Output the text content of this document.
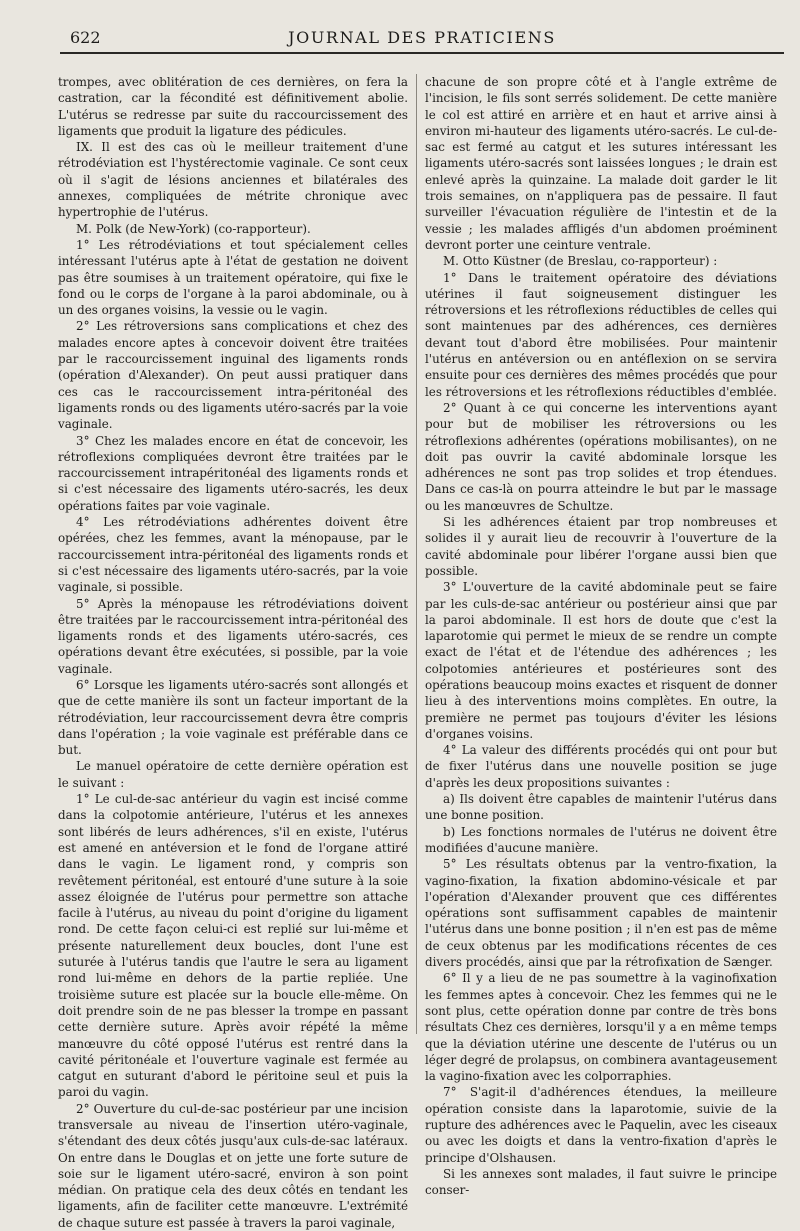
622	JOURNAL DES PRATICIENS

trompes, avec oblitération de ces dernières, on fera la castration, car la fécondité est définitivement abolie. L'utérus se redresse par suite du raccourcissement des ligaments que produit la ligature des pédicules.

IX. Il est des cas où le meilleur traitement d'une rétrodéviation est l'hystérectomie vaginale. Ce sont ceux où il s'agit de lésions anciennes et bilatérales des annexes, compliquées de métrite chronique avec hypertrophie de l'utérus.

M. Polk (de New-York) (co-rapporteur).

1° Les rétrodéviations et tout spécialement celles intéressant l'utérus apte à l'état de gestation ne doivent pas être soumises à un traitement opératoire, qui fixe le fond ou le corps de l'organe à la paroi abdominale, ou à un des organes voisins, la vessie ou le vagin.

2° Les rétroversions sans complications et chez des malades encore aptes à concevoir doivent être traitées par le raccourcissement inguinal des ligaments ronds (opération d'Alexander). On peut aussi pratiquer dans ces cas le raccourcissement intra-péritonéal des ligaments ronds ou des ligaments utéro-sacrés par la voie vaginale.

3° Chez les malades encore en état de concevoir, les rétroflexions compliquées devront être traitées par le raccourcissement intrapéritonéal des ligaments ronds et si c'est nécessaire des ligaments utéro-sacrés, les deux opérations faites par voie vaginale.

4° Les rétrodéviations adhérentes doivent être opérées, chez les femmes, avant la ménopause, par le raccourcissement intra-péritonéal des ligaments ronds et si c'est nécessaire des ligaments utéro-sacrés, par la voie vaginale, si possible.

5° Après la ménopause les rétrodéviations doivent être traitées par le raccourcissement intra-péritonéal des ligaments ronds et des ligaments utéro-sacrés, ces opérations devant être exécutées, si possible, par la voie vaginale.

6° Lorsque les ligaments utéro-sacrés sont allongés et que de cette manière ils sont un facteur important de la rétrodéviation, leur raccourcissement devra être compris dans l'opération ; la voie vaginale est préférable dans ce but.

Le manuel opératoire de cette dernière opération est le suivant :

1° Le cul-de-sac antérieur du vagin est incisé comme dans la colpotomie antérieure, l'utérus et les annexes sont libérés de leurs adhérences, s'il en existe, l'utérus est amené en antéversion et le fond de l'organe attiré dans le vagin. Le ligament rond, y compris son revêtement péritonéal, est entouré d'une suture à la soie assez éloignée de l'utérus pour permettre son attache facile à l'utérus, au niveau du point d'origine du ligament rond. De cette façon celui-ci est replié sur lui-même et présente naturellement deux boucles, dont l'une est suturée à l'utérus tandis que l'autre le sera au ligament rond lui-même en dehors de la partie repliée. Une troisième suture est placée sur la boucle elle-même. On doit prendre soin de ne pas blesser la trompe en passant cette dernière suture. Après avoir répété la même manœuvre du côté opposé l'utérus est rentré dans la cavité péritonéale et l'ouverture vaginale est fermée au catgut en suturant d'abord le péritoine seul et puis la paroi du vagin.

2° Ouverture du cul-de-sac postérieur par une incision transversale au niveau de l'insertion utéro-vaginale, s'étendant des deux côtés jusqu'aux culs-de-sac latéraux. On entre dans le Douglas et on jette une forte suture de soie sur le ligament utéro-sacré, environ à son point médian. On pratique cela des deux côtés en tendant les ligaments, afin de faciliter cette manœuvre. L'extrémité de chaque suture est passée à travers la paroi vaginale,

chacune de son propre côté et à l'angle extrême de l'incision, le fils sont serrés solidement. De cette manière le col est attiré en arrière et en haut et arrive ainsi à environ mi-hauteur des ligaments utéro-sacrés. Le cul-de-sac est fermé au catgut et les sutures intéressant les ligaments utéro-sacrés sont laissées longues ; le drain est enlevé après la quinzaine. La malade doit garder le lit trois semaines, on n'appliquera pas de pessaire. Il faut surveiller l'évacuation régulière de l'intestin et de la vessie ; les malades affligés d'un abdomen proéminent devront porter une ceinture ventrale.

M. Otto Küstner (de Breslau, co-rapporteur) :

1° Dans le traitement opératoire des déviations utérines il faut soigneusement distinguer les rétroversions et les rétroflexions réductibles de celles qui sont maintenues par des adhérences, ces dernières devant tout d'abord être mobilisées. Pour maintenir l'utérus en antéversion ou en antéflexion on se servira ensuite pour ces dernières des mêmes procédés que pour les rétroversions et les rétroflexions réductibles d'emblée.

2° Quant à ce qui concerne les interventions ayant pour but de mobiliser les rétroversions ou les rétroflexions adhérentes (opérations mobilisantes), on ne doit pas ouvrir la cavité abdominale lorsque les adhérences ne sont pas trop solides et trop étendues. Dans ce cas-là on pourra atteindre le but par le massage ou les manœuvres de Schultze.

Si les adhérences étaient par trop nombreuses et solides il y aurait lieu de recouvrir à l'ouverture de la cavité abdominale pour libérer l'organe aussi bien que possible.

3° L'ouverture de la cavité abdominale peut se faire par les culs-de-sac antérieur ou postérieur ainsi que par la paroi abdominale. Il est hors de doute que c'est la laparotomie qui permet le mieux de se rendre un compte exact de l'état et de l'étendue des adhérences ; les colpotomies antérieures et postérieures sont des opérations beaucoup moins exactes et risquent de donner lieu à des interventions moins complètes. En outre, la première ne permet pas toujours d'éviter les lésions d'organes voisins.

4° La valeur des différents procédés qui ont pour but de fixer l'utérus dans une nouvelle position se juge d'après les deux propositions suivantes :

a) Ils doivent être capables de maintenir l'utérus dans une bonne position.

b) Les fonctions normales de l'utérus ne doivent être modifiées d'aucune manière.

5° Les résultats obtenus par la ventro-fixation, la vagino-fixation, la fixation abdomino-vésicale et par l'opération d'Alexander prouvent que ces différentes opérations sont suffisamment capables de maintenir l'utérus dans une bonne position ; il n'en est pas de même de ceux obtenus par les modifications récentes de ces divers procédés, ainsi que par la rétrofixation de Sænger.

6° Il y a lieu de ne pas soumettre à la vaginofixation les femmes aptes à concevoir. Chez les femmes qui ne le sont plus, cette opération donne par contre de très bons résultats Chez ces dernières, lorsqu'il y a en même temps que la déviation utérine une descente de l'utérus ou un léger degré de prolapsus, on combinera avantageusement la vagino-fixation avec les colporraphies.

7° S'agit-il d'adhérences étendues, la meilleure opération consiste dans la laparotomie, suivie de la rupture des adhérences avec le Paquelin, avec les ciseaux ou avec les doigts et dans la ventro-fixation d'après le principe d'Olshausen.

Si les annexes sont malades, il faut suivre le principe conser-
